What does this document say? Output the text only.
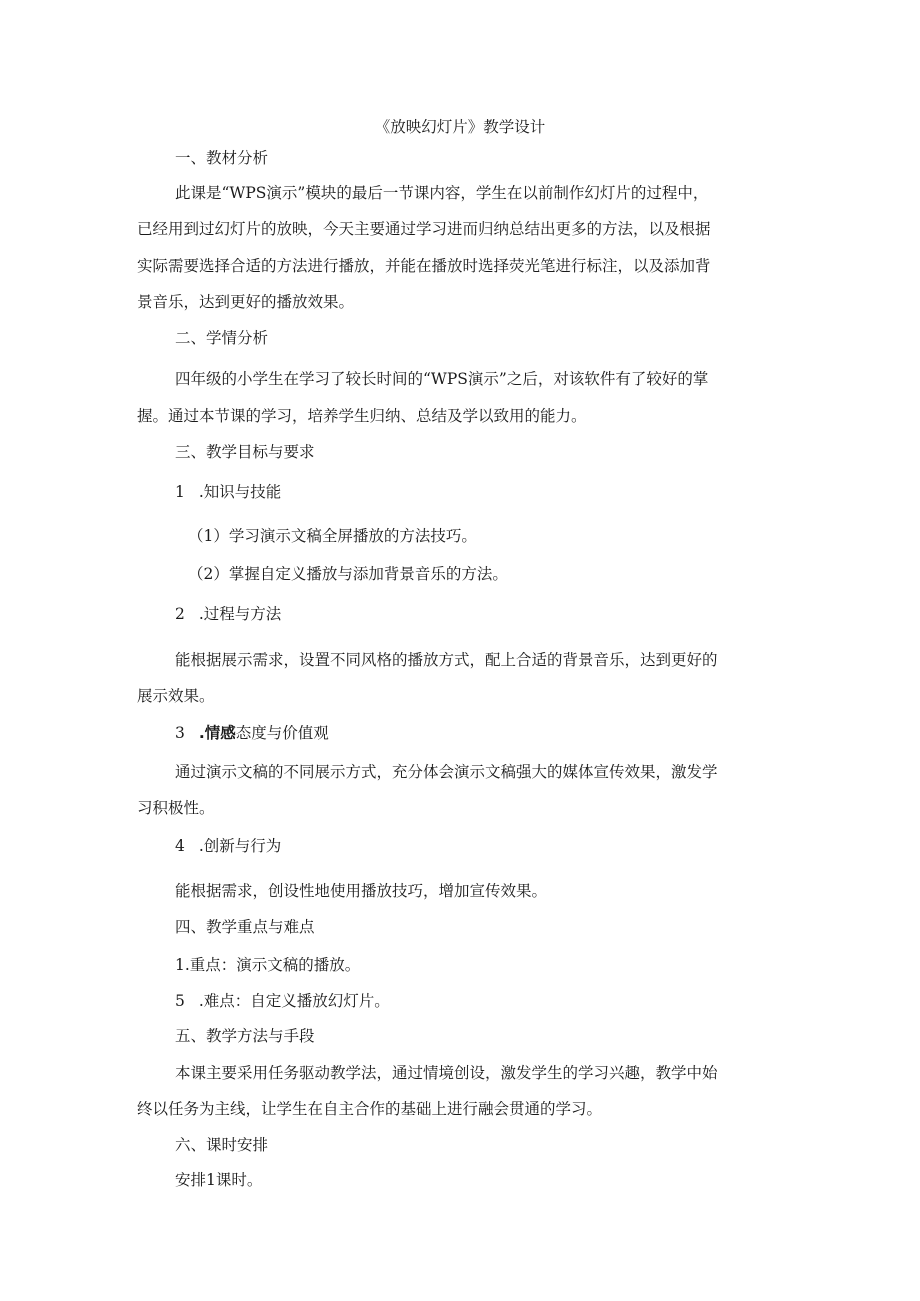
《放映幻灯片》教学设计
一、教材分析
此课是“WPS演示”模块的最后一节课内容，学生在以前制作幻灯片的过程中，
已经用到过幻灯片的放映，今天主要通过学习进而归纳总结出更多的方法，以及根据
实际需要选择合适的方法进行播放，并能在播放时选择荧光笔进行标注，以及添加背
景音乐，达到更好的播放效果。
二、学情分析
四年级的小学生在学习了较长时间的“WPS演示”之后，对该软件有了较好的掌
握。通过本节课的学习，培养学生归纳、总结及学以致用的能力。
三、教学目标与要求
1 .知识与技能
（1）学习演示文稿全屏播放的方法技巧。
（2）掌握自定义播放与添加背景音乐的方法。
2 .过程与方法
能根据展示需求，设置不同风格的播放方式，配上合适的背景音乐，达到更好的
展示效果。
3 .情感态度与价值观
通过演示文稿的不同展示方式，充分体会演示文稿强大的媒体宣传效果，激发学
习积极性。
4 .创新与行为
能根据需求，创设性地使用播放技巧，增加宣传效果。
四、教学重点与难点
1.重点：演示文稿的播放。
5 .难点：自定义播放幻灯片。
五、教学方法与手段
本课主要采用任务驱动教学法，通过情境创设，激发学生的学习兴趣，教学中始
终以任务为主线，让学生在自主合作的基础上进行融会贯通的学习。
六、课时安排
安排1课时。
